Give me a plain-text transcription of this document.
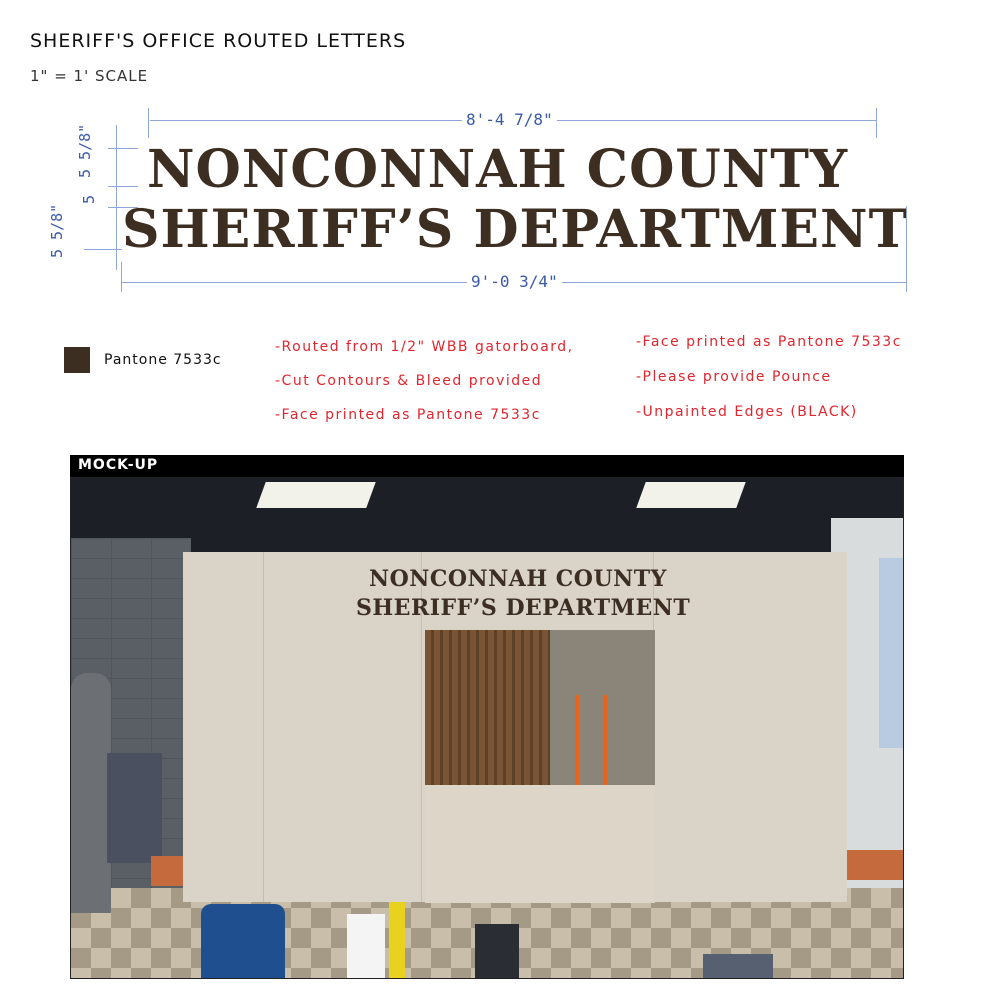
SHERIFF'S OFFICE ROUTED LETTERS
1" = 1' SCALE
8'-4 7/8"
NONCONNAH COUNTY
SHERIFF’S DEPARTMENT
5 5/8"
5
5 5/8"
9'-0 3/4"
Pantone 7533c
-Routed from 1/2" WBB gatorboard,
-Cut Contours & Bleed provided
-Face printed as Pantone 7533c
-Face printed as Pantone 7533c
-Please provide Pounce
-Unpainted Edges (BLACK)
MOCK-UP
NONCONNAH COUNTY
SHERIFF’S DEPARTMENT
